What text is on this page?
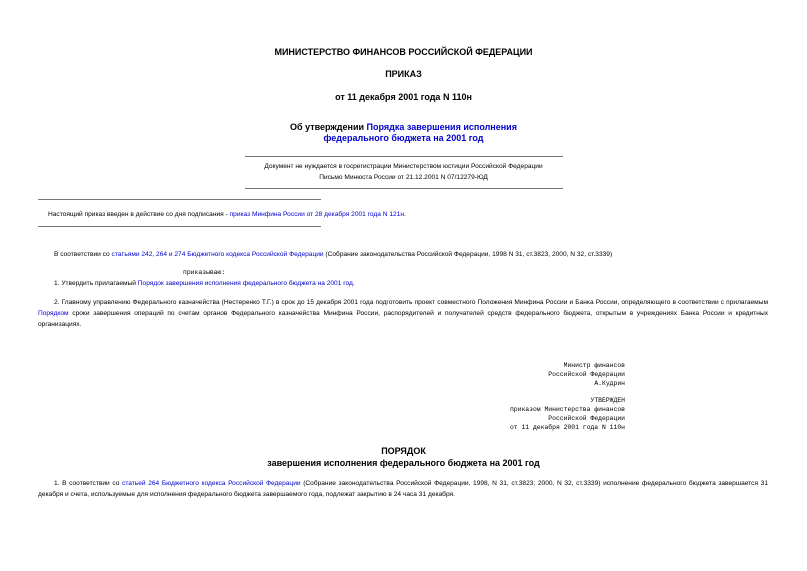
МИНИСТЕРСТВО ФИНАНСОВ РОССИЙСКОЙ ФЕДЕРАЦИИ
ПРИКАЗ
от 11 декабря 2001 года N 110н
Об утверждении Порядка завершения исполнения
федерального бюджета на 2001 год
Документ не нуждается в госрегистрации Министерством юстиции Российской Федерации
Письмо Минюста России от 21.12.2001 N 07/12279-ЮД
Настоящий приказ введен в действие со дня подписания - приказ Минфина России от 28 декабря 2001 года N 121н.
В соответствии со статьями 242, 264 и 274 Бюджетного кодекса Российской Федерации (Собрание законодательства Российской Федерации, 1998 N 31, ст.3823, 2000, N 32, ст.3339)
приказываю:
1. Утвердить прилагаемый Порядок завершения исполнения федерального бюджета на 2001 год.
2. Главному управлению Федерального казначейства (Нестеренко Т.Г.) в срок до 15 декабря 2001 года подготовить проект совместного Положения Минфина России и Банка России, определяющего в соответствии с прилагаемым Порядком сроки завершения операций по счетам органов Федерального казначейства Минфина России, распорядителей и получателей средств федерального бюджета, открытым в учреждениях Банка России и кредитных организациях.
Министр финансов
Российской Федерации
А.Кудрин
УТВЕРЖДЕН
приказом Министерства финансов
Российской Федерации
от 11 декабря 2001 года N 110н
ПОРЯДОК
завершения исполнения федерального бюджета на 2001 год
1. В соответствии со статьей 264 Бюджетного кодекса Российской Федерации (Собрание законодательства Российской Федерации, 1998, N 31, ст.3823; 2000, N 32, ст.3339) исполнение федерального бюджета завершается 31 декабря и счета, используемые для исполнения федерального бюджета завершаемого года, подлежат закрытию в 24 часа 31 декабря.
